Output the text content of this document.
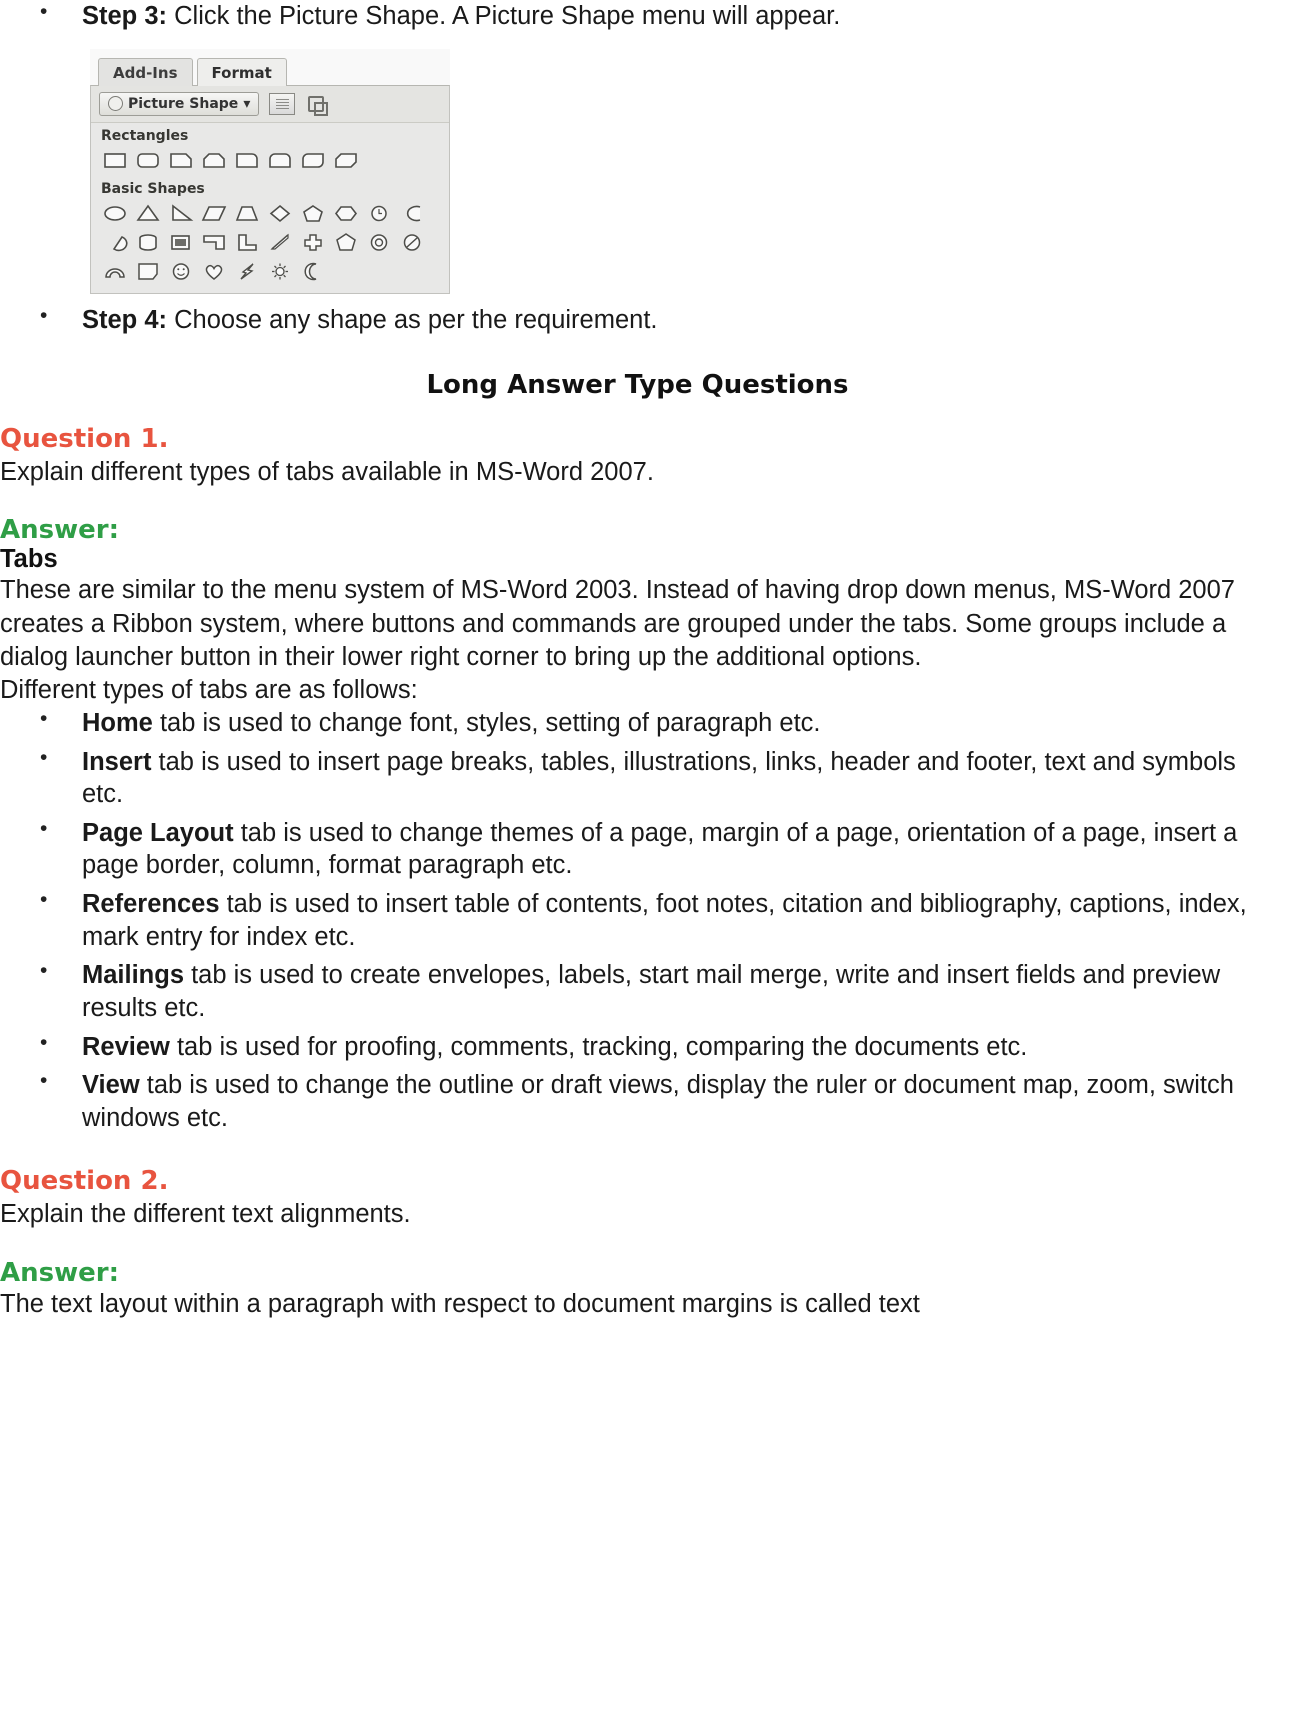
• Step 3: Click the Picture Shape. A Picture Shape menu will appear.
Add-Ins	Format
Picture Shape ▾
Rectangles
Basic Shapes
• Step 4: Choose any shape as per the requirement.
Long Answer Type Questions
Question 1.

Explain different types of tabs available in MS-Word 2007.

Answer:
Tabs

These are similar to the menu system of MS-Word 2003. Instead of having drop down menus, MS-Word 2007 creates a Ribbon system, where buttons and commands are grouped under the tabs. Some groups include a dialog launcher button in their lower right corner to bring up the additional options.

Different types of tabs are as follows:

• Home tab is used to change font, styles, setting of paragraph etc.
• Insert tab is used to insert page breaks, tables, illustrations, links, header and footer, text and symbols etc.
• Page Layout tab is used to change themes of a page, margin of a page, orientation of a page, insert a page border, column, format paragraph etc.
• References tab is used to insert table of contents, foot notes, citation and bibliography, captions, index, mark entry for index etc.
• Mailings tab is used to create envelopes, labels, start mail merge, write and insert fields and preview results etc.
• Review tab is used for proofing, comments, tracking, comparing the documents etc.
• View tab is used to change the outline or draft views, display the ruler or document map, zoom, switch windows etc.
Question 2.

Explain the different text alignments.

Answer:

The text layout within a paragraph with respect to document margins is called text
